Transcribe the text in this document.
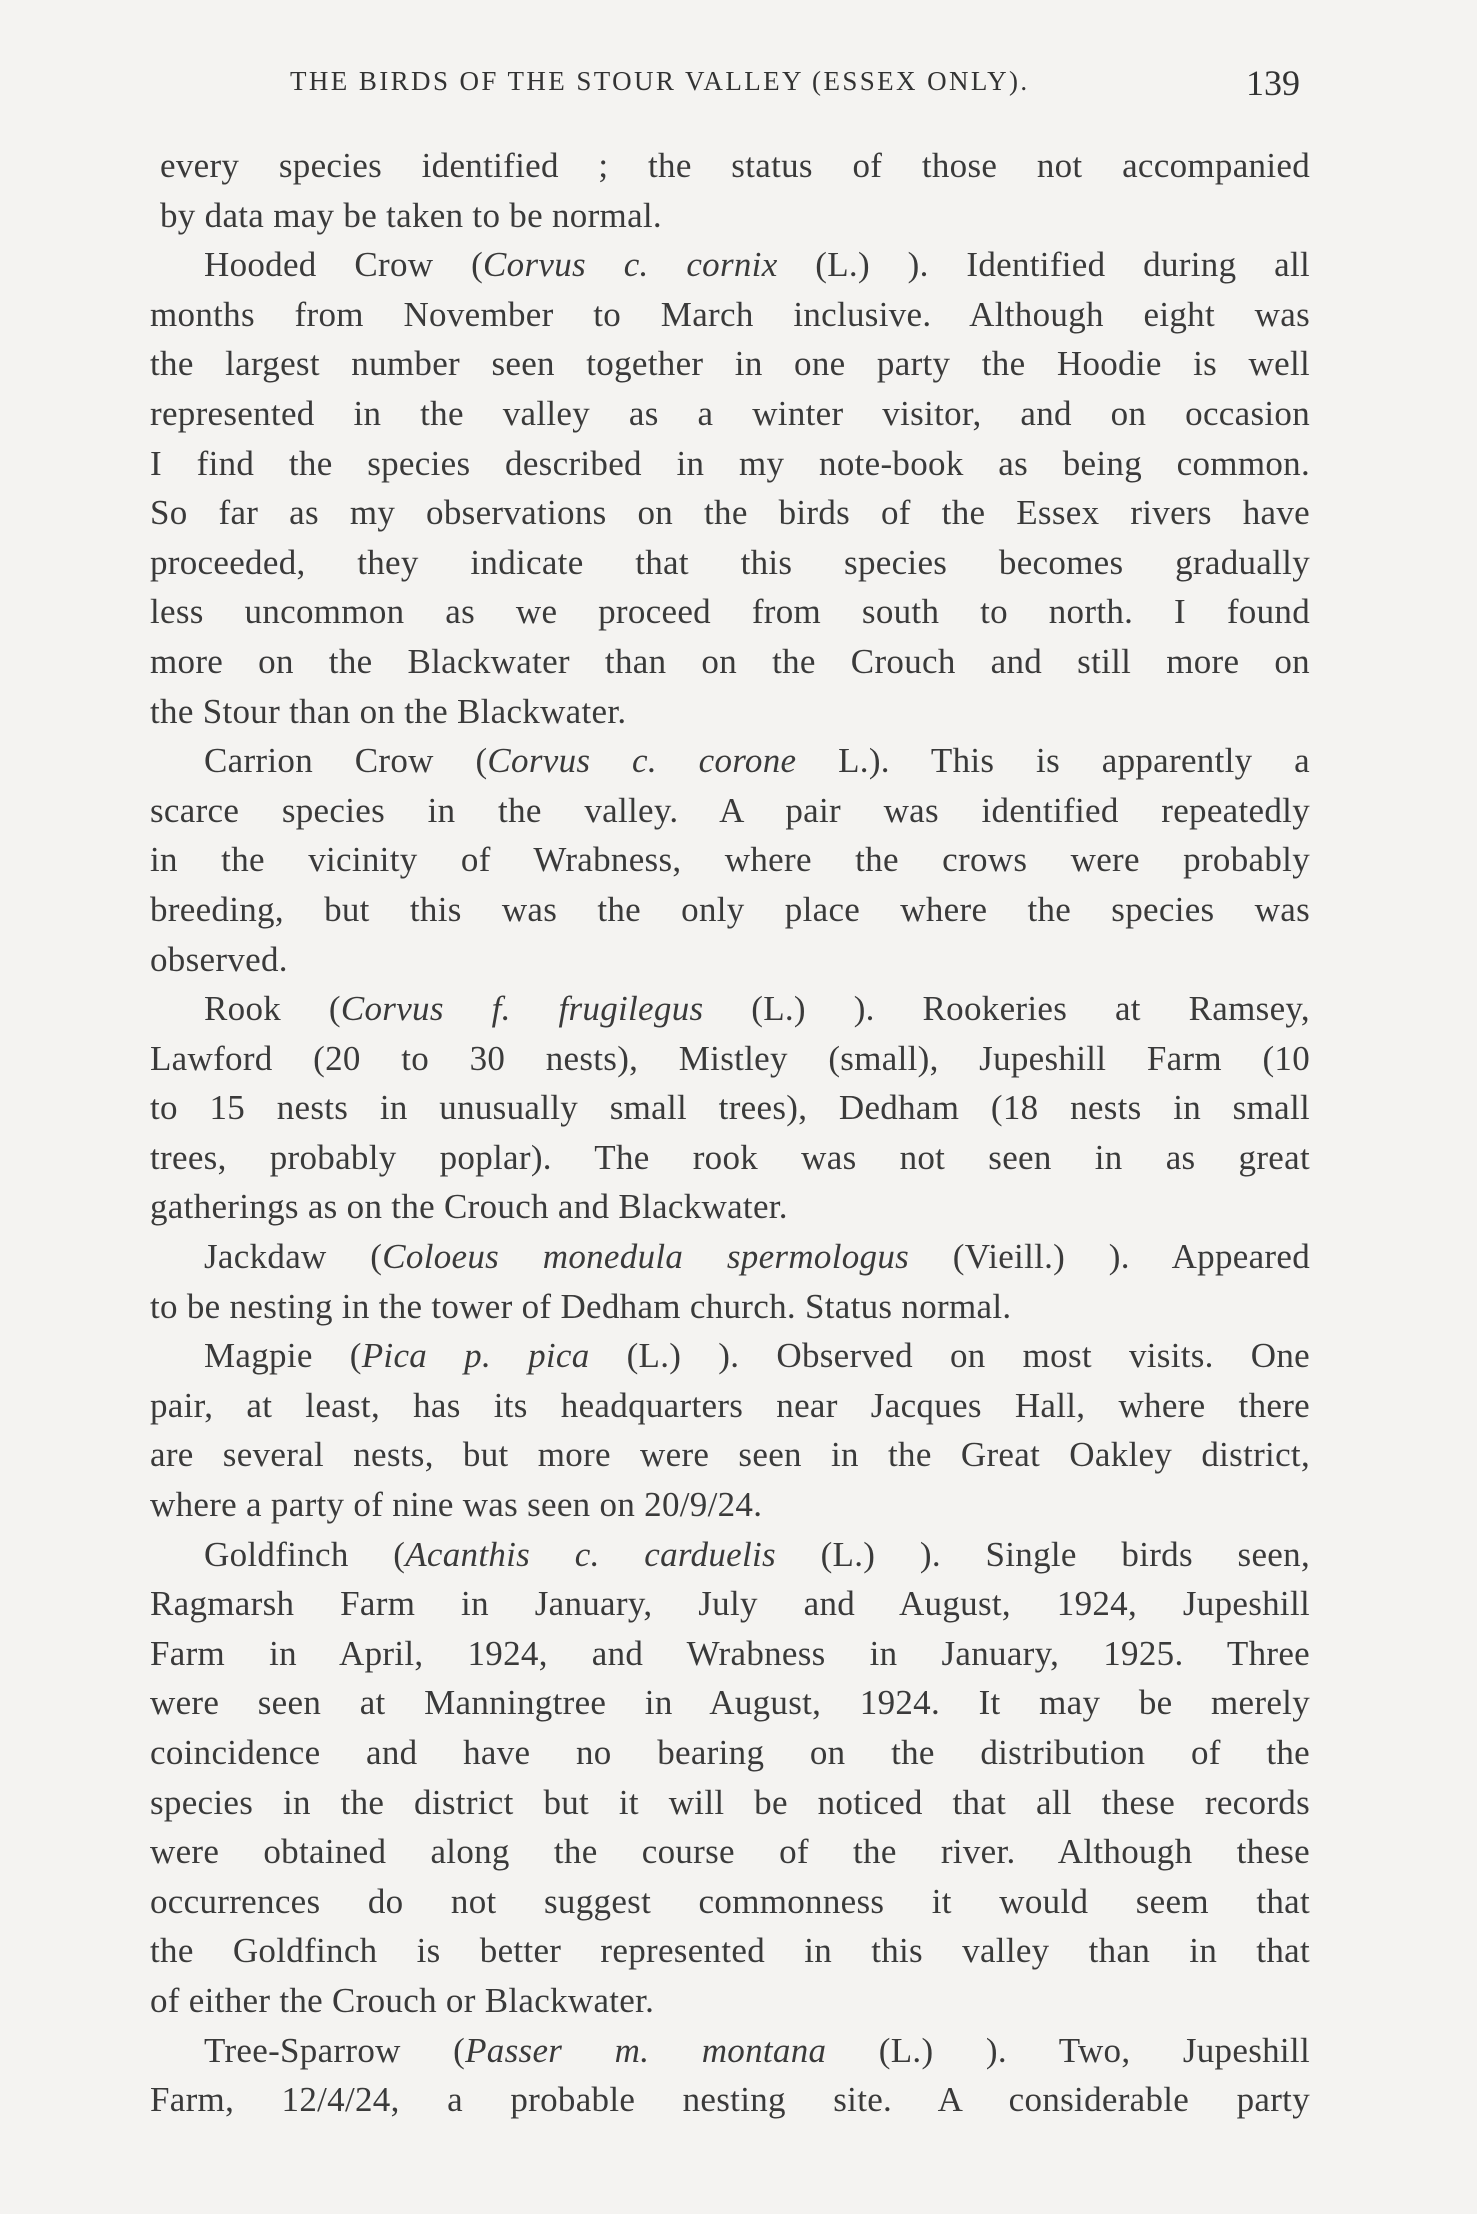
THE BIRDS OF THE STOUR VALLEY (ESSEX ONLY).	139
every species identified ; the status of those not accompanied
by data may be taken to be normal.
Hooded Crow (Corvus c. cornix (L.) ). Identified during all
months from November to March inclusive. Although eight was
the largest number seen together in one party the Hoodie is well
represented in the valley as a winter visitor, and on occasion
I find the species described in my note-book as being common.
So far as my observations on the birds of the Essex rivers have
proceeded, they indicate that this species becomes gradually
less uncommon as we proceed from south to north. I found
more on the Blackwater than on the Crouch and still more on
the Stour than on the Blackwater.
Carrion Crow (Corvus c. corone L.). This is apparently a
scarce species in the valley. A pair was identified repeatedly
in the vicinity of Wrabness, where the crows were probably
breeding, but this was the only place where the species was
observed.
Rook (Corvus f. frugilegus (L.) ). Rookeries at Ramsey,
Lawford (20 to 30 nests), Mistley (small), Jupeshill Farm (10
to 15 nests in unusually small trees), Dedham (18 nests in small
trees, probably poplar). The rook was not seen in as great
gatherings as on the Crouch and Blackwater.
Jackdaw (Coloeus monedula spermologus (Vieill.) ). Appeared
to be nesting in the tower of Dedham church. Status normal.
Magpie (Pica p. pica (L.) ). Observed on most visits. One
pair, at least, has its headquarters near Jacques Hall, where there
are several nests, but more were seen in the Great Oakley district,
where a party of nine was seen on 20/9/24.
Goldfinch (Acanthis c. carduelis (L.) ). Single birds seen,
Ragmarsh Farm in January, July and August, 1924, Jupeshill
Farm in April, 1924, and Wrabness in January, 1925. Three
were seen at Manningtree in August, 1924. It may be merely
coincidence and have no bearing on the distribution of the
species in the district but it will be noticed that all these records
were obtained along the course of the river. Although these
occurrences do not suggest commonness it would seem that
the Goldfinch is better represented in this valley than in that
of either the Crouch or Blackwater.
Tree-Sparrow (Passer m. montana (L.) ). Two, Jupeshill
Farm, 12/4/24, a probable nesting site. A considerable party
